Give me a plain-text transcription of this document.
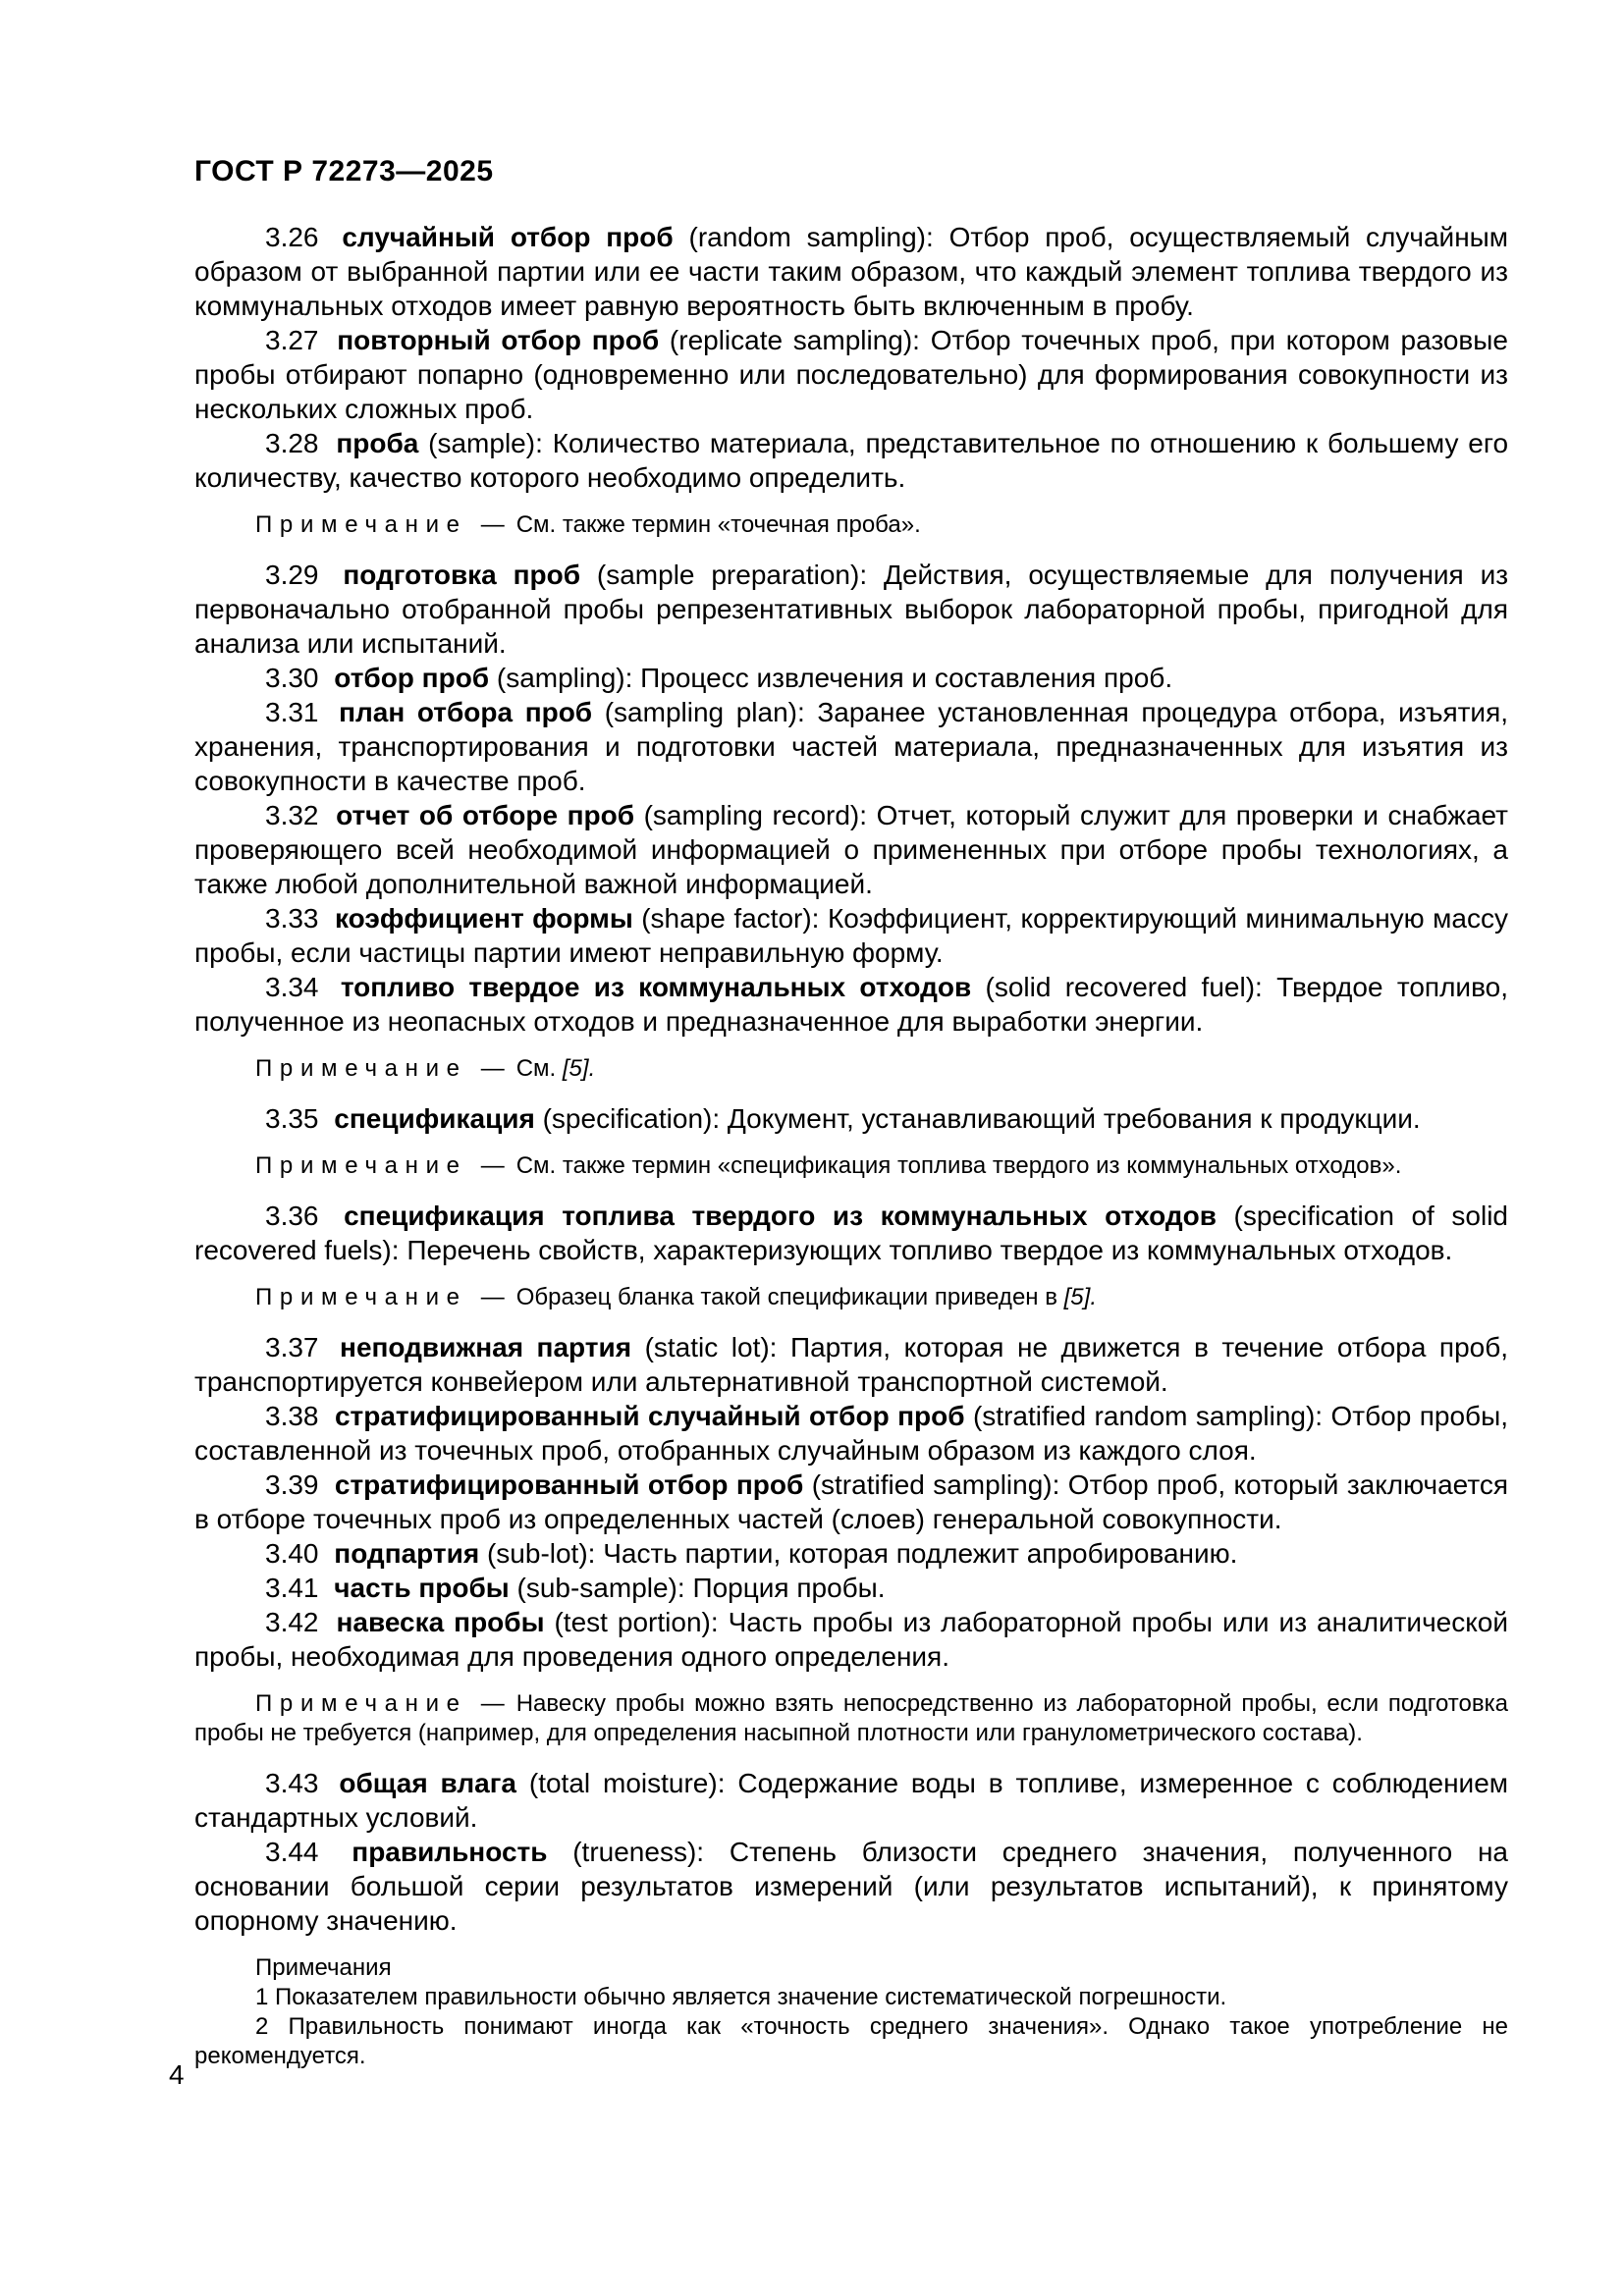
ГОСТ Р 72273—2025

3.26 случайный отбор проб (random sampling): Отбор проб, осуществляемый случайным образом от выбранной партии или ее части таким образом, что каждый элемент топлива твердого из коммунальных отходов имеет равную вероятность быть включенным в пробу.

3.27 повторный отбор проб (replicate sampling): Отбор точечных проб, при котором разовые пробы отбирают попарно (одновременно или последовательно) для формирования совокупности из нескольких сложных проб.

3.28 проба (sample): Количество материала, представительное по отношению к большему его количеству, качество которого необходимо определить.

Примечание — См. также термин «точечная проба».

3.29 подготовка проб (sample preparation): Действия, осуществляемые для получения из первоначально отобранной пробы репрезентативных выборок лабораторной пробы, пригодной для анализа или испытаний.

3.30 отбор проб (sampling): Процесс извлечения и составления проб.

3.31 план отбора проб (sampling plan): Заранее установленная процедура отбора, изъятия, хранения, транспортирования и подготовки частей материала, предназначенных для изъятия из совокупности в качестве проб.

3.32 отчет об отборе проб (sampling record): Отчет, который служит для проверки и снабжает проверяющего всей необходимой информацией о примененных при отборе пробы технологиях, а также любой дополнительной важной информацией.

3.33 коэффициент формы (shape factor): Коэффициент, корректирующий минимальную массу пробы, если частицы партии имеют неправильную форму.

3.34 топливо твердое из коммунальных отходов (solid recovered fuel): Твердое топливо, полученное из неопасных отходов и предназначенное для выработки энергии.

Примечание — См. [5].

3.35 спецификация (specification): Документ, устанавливающий требования к продукции.

Примечание — См. также термин «спецификация топлива твердого из коммунальных отходов».

3.36 спецификация топлива твердого из коммунальных отходов (specification of solid recovered fuels): Перечень свойств, характеризующих топливо твердое из коммунальных отходов.

Примечание — Образец бланка такой спецификации приведен в [5].

3.37 неподвижная партия (static lot): Партия, которая не движется в течение отбора проб, транспортируется конвейером или альтернативной транспортной системой.

3.38 стратифицированный случайный отбор проб (stratified random sampling): Отбор пробы, составленной из точечных проб, отобранных случайным образом из каждого слоя.

3.39 стратифицированный отбор проб (stratified sampling): Отбор проб, который заключается в отборе точечных проб из определенных частей (слоев) генеральной совокупности.

3.40 подпартия (sub-lot): Часть партии, которая подлежит апробированию.

3.41 часть пробы (sub-sample): Порция пробы.

3.42 навеска пробы (test portion): Часть пробы из лабораторной пробы или из аналитической пробы, необходимая для проведения одного определения.

Примечание — Навеску пробы можно взять непосредственно из лабораторной пробы, если подготовка пробы не требуется (например, для определения насыпной плотности или гранулометрического состава).

3.43 общая влага (total moisture): Содержание воды в топливе, измеренное с соблюдением стандартных условий.

3.44 правильность (trueness): Степень близости среднего значения, полученного на основании большой серии результатов измерений (или результатов испытаний), к принятому опорному значению.

Примечания

1 Показателем правильности обычно является значение систематической погрешности.

2 Правильность понимают иногда как «точность среднего значения». Однако такое употребление не рекомендуется.

4
